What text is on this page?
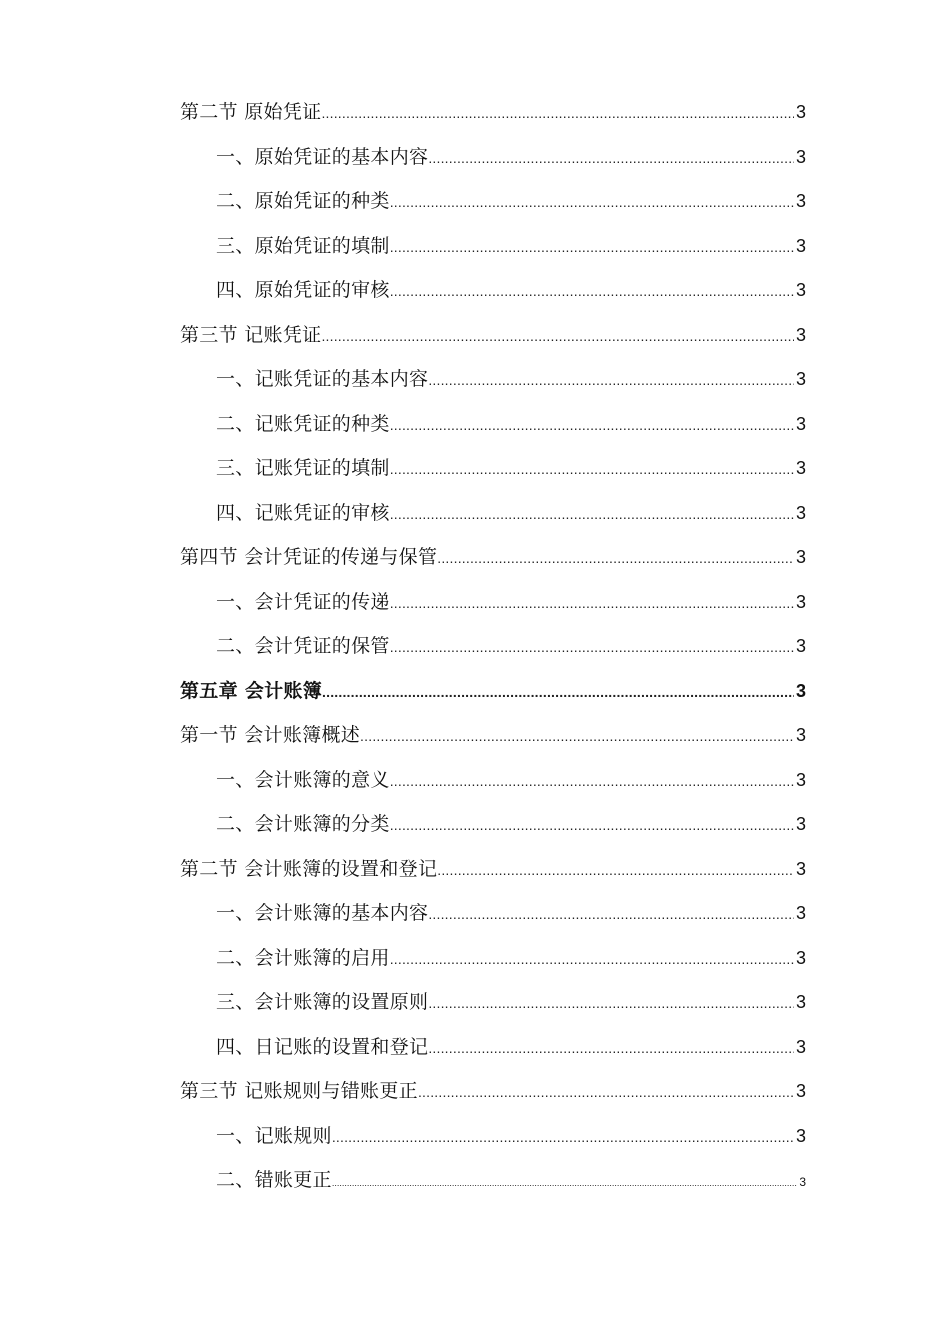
第二节 原始凭证 .....	3
一、原始凭证的基本内容 .....	3
二、原始凭证的种类 .....	3
三、原始凭证的填制 .....	3
四、原始凭证的审核 .....	3
第三节 记账凭证 .....	3
一、记账凭证的基本内容 .....	3
二、记账凭证的种类 .....	3
三、记账凭证的填制 .....	3
四、记账凭证的审核 .....	3
第四节 会计凭证的传递与保管 .....	3
一、会计凭证的传递 .....	3
二、会计凭证的保管 .....	3
第五章 会计账簿 .....	3
第一节 会计账簿概述 .....	3
一、会计账簿的意义 .....	3
二、会计账簿的分类 .....	3
第二节 会计账簿的设置和登记 .....	3
一、会计账簿的基本内容 .....	3
二、会计账簿的启用 .....	3
三、会计账簿的设置原则 .....	3
四、日记账的设置和登记 .....	3
第三节 记账规则与错账更正 .....	3
一、记账规则 .....	3
二、错账更正 .....	3
